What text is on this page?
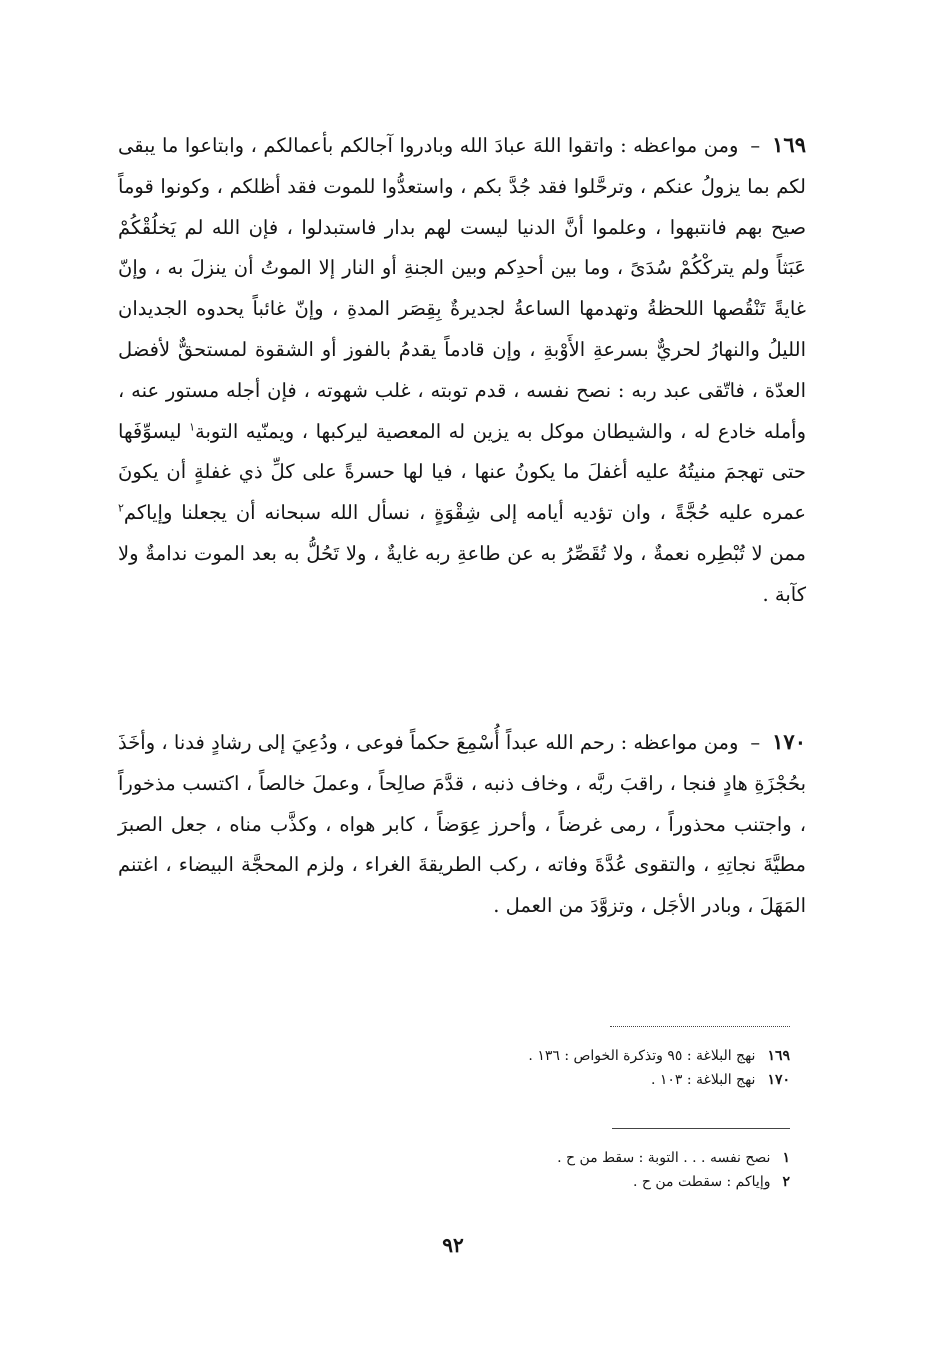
١٦٩–ومن مواعظه : واتقوا اللهَ عبادَ الله وبادروا آجالكم بأعمالكم ، وابتاعوا ما يبقى لكم بما يزولُ عنكم ، وترحَّلوا فقد جُدَّ بكم ، واستعدُّوا للموت فقد أظلكم ، وكونوا قوماً صيح بهم فانتبهوا ، وعلموا أنَّ الدنيا ليست لهم بدار فاستبدلوا ، فإن الله لم يَخلُقْكُمْ عَبَثاً ولم يتركْكُمْ سُدَىً ، وما بين أحدِكم وبين الجنةِ أو النار إلا الموتُ أن ينزلَ به ، وإنّ غايةً تَنْقُصها اللحظةُ وتهدمها الساعةُ لجديرةٌ بِقِصَر المدةِ ، وإنّ غائباً يحدوه الجديدان الليلُ والنهارُ لحريٌّ بسرعةِ الأَوْبةِ ، وإن قادماً يقدمُ بالفوز أو الشقوة لمستحقٌّ لأفضل العدّة ، فاتّقى عبد ربه : نصح نفسه ، قدم توبته ، غلب شهوته ، فإن أجله مستور عنه ، وأمله خادع له ، والشيطان موكل به يزين له المعصية ليركبها ، ويمنّيه التوبة$^١$ ليسوِّفَها حتى تهجمَ منيتُهُ عليه أغفلَ ما يكونُ عنها ، فيا لها حسرةً على كلِّ ذي غفلةٍ أن يكونَ عمره عليه حُجَّةً ، وان تؤديه أيامه إلى شِقْوَةٍ ، نسأل الله سبحانه أن يجعلنا وإياكم$^٢$ ممن لا تُبْطِره نعمةٌ ، ولا تُقَصِّرُ به عن طاعةِ ربه غايةٌ ، ولا تَحُلُّ به بعد الموت ندامةٌ ولا كآبة .

١٧٠–ومن مواعظه : رحم الله عبداً أُسْمِعَ حكماً فوعى ، ودُعِيَ إلى رشادٍ فدنا ، وأخَذَ بحُجْزَةِ هادٍ فنجا ، راقبَ ربَّه ، وخاف ذنبه ، قدَّمَ صالِحاً ، وعملَ خالصاً ، اكتسب مذخوراً ، واجتنب محذوراً ، رمى غرضاً ، وأحرز عِوَضاً ، كابر هواه ، وكذَّب مناه ، جعل الصبرَ مطيَّةَ نجاتِهِ ، والتقوى عُدَّةَ وفاته ، ركب الطريقةَ الغراء ، ولزم المحجَّة البيضاء ، اغتنم المَهَلَ ، وبادر الأجَل ، وتزوَّدَ من العمل .

١٦٩نهج البلاغة : ٩٥ وتذكرة الخواص : ١٣٦ .
١٧٠نهج البلاغة : ١٠٣ .
١نصح نفسه . . . التوبة : سقط من ح .
٢وإياكم : سقطت من ح .
٩٢
